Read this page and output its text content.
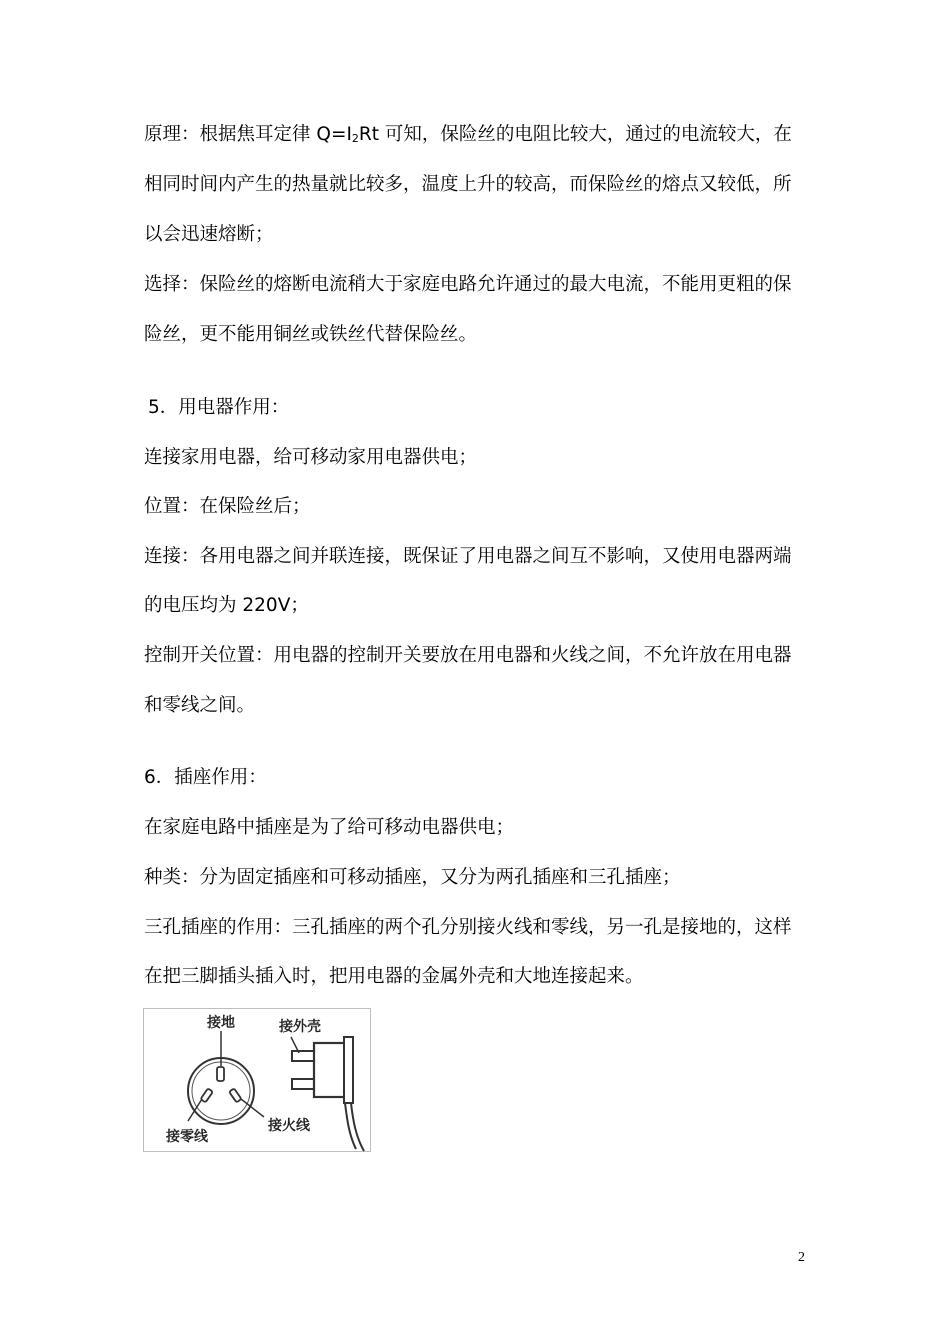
原理：根据焦耳定律 $Q=I_2Rt$ 可知，保险丝的电阻比较大，通过的电流较大，在
相同时间内产生的热量就比较多，温度上升的较高，而保险丝的熔点又较低，所
以会迅速熔断；
选择：保险丝的熔断电流稍大于家庭电路允许通过的最大电流，不能用更粗的保
险丝，更不能用铜丝或铁丝代替保险丝。
5．用电器作用：
连接家用电器，给可移动家用电器供电；
位置：在保险丝后；
连接：各用电器之间并联连接，既保证了用电器之间互不影响，又使用电器两端
的电压均为 220V；
控制开关位置：用电器的控制开关要放在用电器和火线之间，不允许放在用电器
和零线之间。
6．插座作用：
在家庭电路中插座是为了给可移动电器供电；
种类：分为固定插座和可移动插座，又分为两孔插座和三孔插座；
三孔插座的作用：三孔插座的两个孔分别接火线和零线，另一孔是接地的，这样
在把三脚插头插入时，把用电器的金属外壳和大地连接起来。
接地	接外壳
接零线
接火线
2
